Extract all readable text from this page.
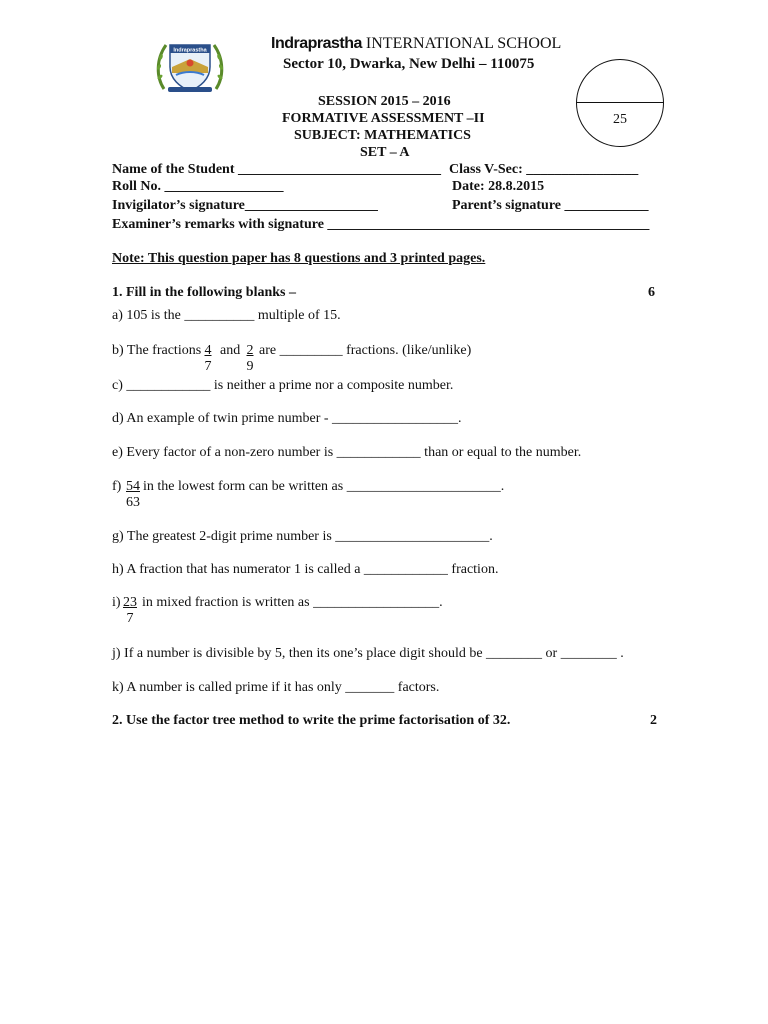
Indraprastha	Indraprastha INTERNATIONAL SCHOOL
Sector 10, Dwarka, New Delhi – 110075
SESSION 2015 – 2016
FORMATIVE ASSESSMENT –II
SUBJECT: MATHEMATICS
SET – A
25
Name of the Student _____________________________ Class V-Sec: ________________
Roll No. _________________	Date: 28.8.2015
Invigilator’s signature___________________	Parent’s signature ____________
Examiner’s remarks with signature ______________________________________________
Note: This question paper has 8 questions and 3 printed pages.
1. Fill in the following blanks –	6
a) 105 is the __________ multiple of 15.
b) The fractions $\frac{4}{7}$ and $\frac{2}{9}$ are _________ fractions. (like/unlike)
c) ____________ is neither a prime nor a composite number.
d) An example of twin prime number - __________________.
e) Every factor of a non-zero number is ____________ than or equal to the number.
$f) \frac{54}{63}$ in the lowest form can be written as ______________________.
g) The greatest 2-digit prime number is ______________________.
h) A fraction that has numerator 1 is called a ____________ fraction.
$i) \frac{23}{7}$ in mixed fraction is written as __________________.
j) If a number is divisible by 5, then its one’s place digit should be ________ or ________ .
k) A number is called prime if it has only _______ factors.
2. Use the factor tree method to write the prime factorisation of 32.	2
